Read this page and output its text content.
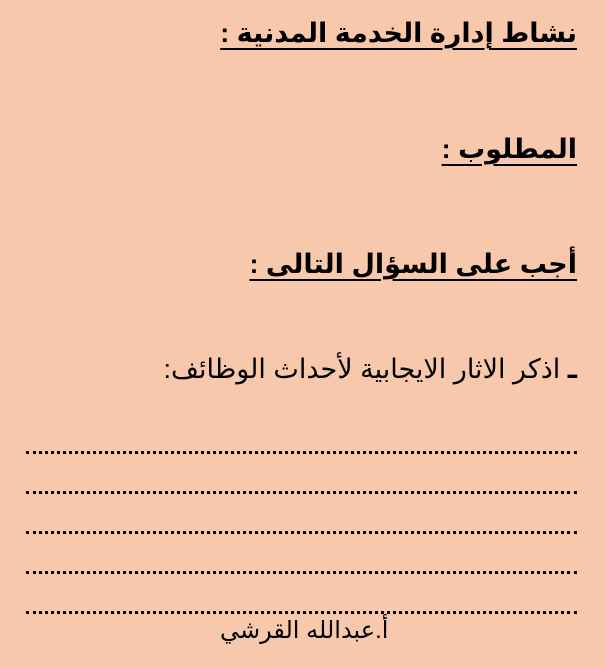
نشاط إدارة الخدمة المدنية :
المطلوب :
أجب على السؤال التالى :
ـ اذكر الاثار الايجابية لأحداث الوظائف:
أ.عبدالله القرشي
